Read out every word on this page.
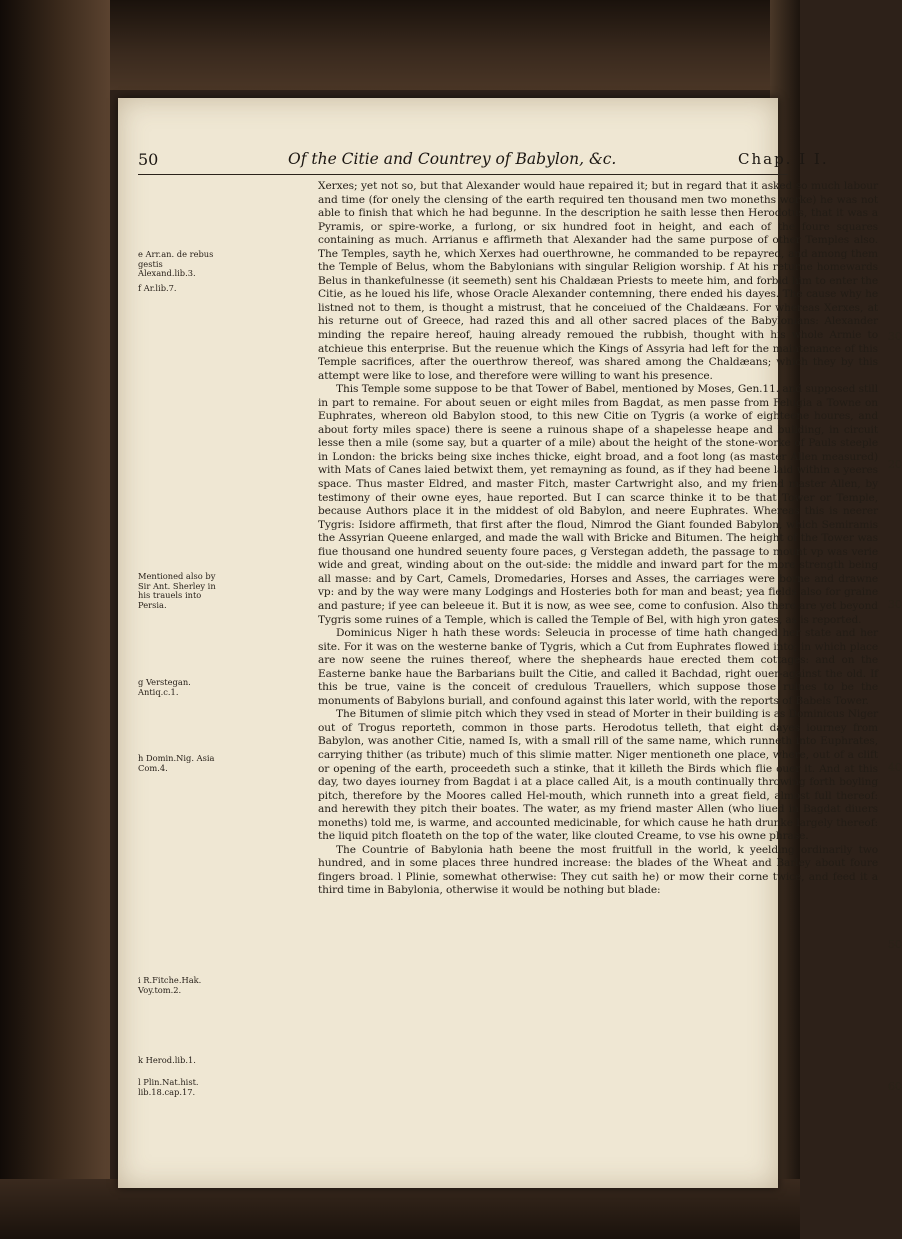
50	Of the Citie and Countrey of Babylon, &c.	Chap. I I.
e Arr.an. de rebus gestis Alexand.lib.3.
f Ar.lib.7.
Mentioned also by Sir Ant. Sherley in his trauels into Persia.
g Verstegan. Antiq.c.1.
h Domin.Nig. Asia Com.4.
i R.Fitche.Hak. Voy.tom.2.
k Herod.lib.1.
l Plin.Nat.hist. lib.18.cap.17.
30
20
30
40
50
60

Xerxes; yet not so, but that Alexander would haue repaired it; but in regard that it asked so much labour and time (for onely the clensing of the earth required ten thousand men two moneths worke) he was not able to finish that which he had begunne. In the description he saith lesse then Herodotus, that it was a Pyramis, or spire-worke, a furlong, or six hundred foot in height, and each of the foure squares containing as much. Arrianus e affirmeth that Alexander had the same purpose of other Temples also. The Temples, sayth he, which Xerxes had ouerthrowne, he commanded to be repayred, and among them the Temple of Belus, whom the Babylonians with singular Religion worship. f At his returne homewards Belus in thankefulnesse (it seemeth) sent his Chaldæan Priests to meete him, and forbid him to enter the Citie, as he loued his life, whose Oracle Alexander contemning, there ended his dayes. The cause why he listned not to them, is thought a mistrust, that he conceiued of the Chaldæans. For whereas Xerxes, at his returne out of Greece, had razed this and all other sacred places of the Babylonians: Alexander minding the repaire hereof, hauing already remoued the rubbish, thought with his whole Armie to atchieue this enterprise. But the reuenue which the Kings of Assyria had left for the maintenance of this Temple sacrifices, after the ouerthrow thereof, was shared among the Chaldæans; which they by this attempt were like to lose, and therefore were willing to want his presence.

This Temple some suppose to be that Tower of Babel, mentioned by Moses, Gen.11. and supposed still in part to remaine. For about seuen or eight miles from Bagdat, as men passe from Felugia a Towne on Euphrates, whereon old Babylon stood, to this new Citie on Tygris (a worke of eighteene houres, and about forty miles space) there is seene a ruinous shape of a shapelesse heape and building, in circuit lesse then a mile (some say, but a quarter of a mile) about the height of the stone-worke of Pauls steeple in London: the bricks being sixe inches thicke, eight broad, and a foot long (as master Allen measured) with Mats of Canes laied betwixt them, yet remayning as found, as if they had beene laid within a yeeres space. Thus master Eldred, and master Fitch, master Cartwright also, and my friend master Allen, by testimony of their owne eyes, haue reported. But I can scarce thinke it to be that Tower or Temple, because Authors place it in the middest of old Babylon, and neere Euphrates. Whereas this is neerer Tygris: Isidore affirmeth, that first after the floud, Nimrod the Giant founded Babylon, which Semiramis the Assyrian Queene enlarged, and made the wall with Bricke and Bitumen. The height of the Tower was fiue thousand one hundred seuenty foure paces, g Verstegan addeth, the passage to mount vp was verie wide and great, winding about on the out-side: the middle and inward part for the more strength being all masse: and by Cart, Camels, Dromedaries, Horses and Asses, the carriages were borne and drawne vp: and by the way were many Lodgings and Hosteries both for man and beast; yea fields also for graine and pasture; if yee can beleeue it. But it is now, as wee see, come to confusion. Also there are yet beyond Tygris some ruines of a Temple, which is called the Temple of Bel, with high yron gates, as is reported.

Dominicus Niger h hath these words: Seleucia in processe of time hath changed her state and her site. For it was on the westerne banke of Tygris, which a Cut from Euphrates flowed into; in which place are now seene the ruines thereof, where the shepheards haue erected them cottages: and on the Easterne banke haue the Barbarians built the Citie, and called it Bachdad, right ouer-against the old. If this be true, vaine is the conceit of credulous Trauellers, which suppose those ruines to be the monuments of Babylons buriall, and confound against this later world, with the reports of Babels Tower.

The Bitumen of slimie pitch which they vsed in stead of Morter in their building is as Dominicus Niger out of Trogus reporteth, common in those parts. Herodotus telleth, that eight dayes iourney from Babylon, was another Citie, named Is, with a small rill of the same name, which runneth into Euphrates, carrying thither (as tribute) much of this slimie matter. Niger mentioneth one place, where, out of a clift or opening of the earth, proceedeth such a stinke, that it killeth the Birds which flie ouer it. And at this day, two dayes iourney from Bagdat i at a place called Ait, is a mouth continually throwing forth boyling pitch, therefore by the Moores called Hel-mouth, which runneth into a great field, almost full thereof: and herewith they pitch their boates. The water, as my friend master Allen (who liued in Bagdat diuers moneths) told me, is warme, and accounted medicinable, for which cause he hath drunke largely thereof: the liquid pitch floateth on the top of the water, like clouted Creame, to vse his owne phrase.

The Countrie of Babylonia hath beene the most fruitfull in the world, k yeelding ordinarily two hundred, and in some places three hundred increase: the blades of the Wheat and Barley about foure fingers broad. l Plinie, somewhat otherwise: They cut saith he) or mow their corne twice, and feed it a third time in Babylonia, otherwise it would be nothing but blade:
